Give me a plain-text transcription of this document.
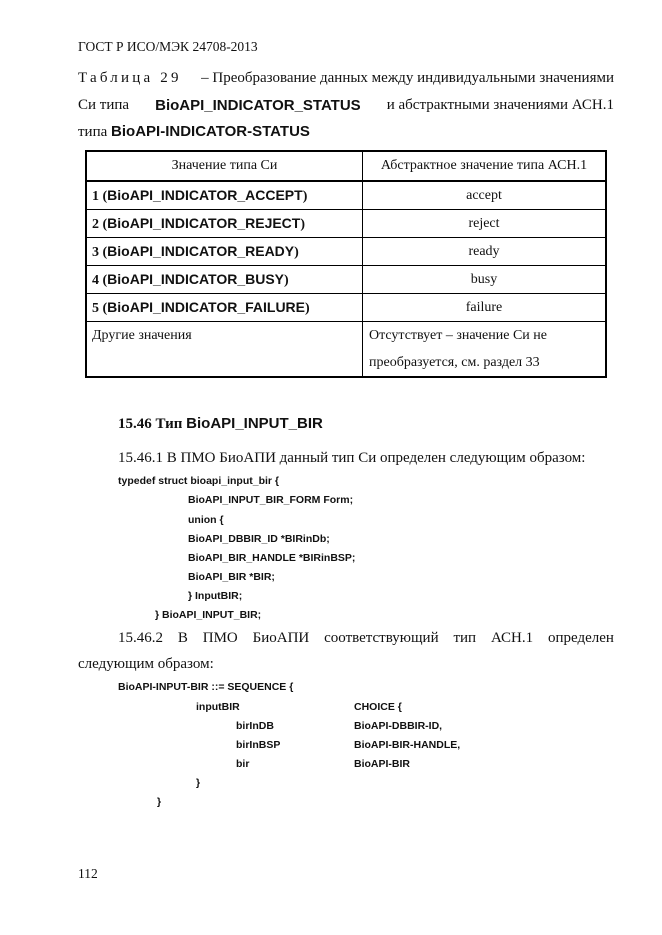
ГОСТ Р ИСО/МЭК 24708-2013
Таблица 29 – Преобразование данных между индивидуальными значениями
Си типа BioAPI_INDICATOR_STATUS и абстрактными значениями АСН.1
типа BioAPI-INDICATOR-STATUS
Значение типа Си	Абстрактное значение типа АСН.1
1 (BioAPI_INDICATOR_ACCEPT)	accept
2 (BioAPI_INDICATOR_REJECT)	reject
3 (BioAPI_INDICATOR_READY)	ready
4 (BioAPI_INDICATOR_BUSY)	busy
5 (BioAPI_INDICATOR_FAILURE)	failure
Другие значения	Отсутствует – значение Си не
преобразуется, см. раздел 33
15.46 Тип BioAPI_INPUT_BIR
15.46.1 В ПМО БиоАПИ данный тип Си определен следующим образом:
typedef struct bioapi_input_bir {
BioAPI_INPUT_BIR_FORM Form;
union {
BioAPI_DBBIR_ID *BIRinDb;
BioAPI_BIR_HANDLE *BIRinBSP;
BioAPI_BIR *BIR;
} InputBIR;
} BioAPI_INPUT_BIR;
15.46.2 В ПМО БиоАПИ соответствующий тип АСН.1 определен
следующим образом:
BioAPI-INPUT-BIR ::= SEQUENCE {
inputBIR	CHOICE {
birInDB	BioAPI-DBBIR-ID,
birInBSP	BioAPI-BIR-HANDLE,
bir	BioAPI-BIR
}
}
112
